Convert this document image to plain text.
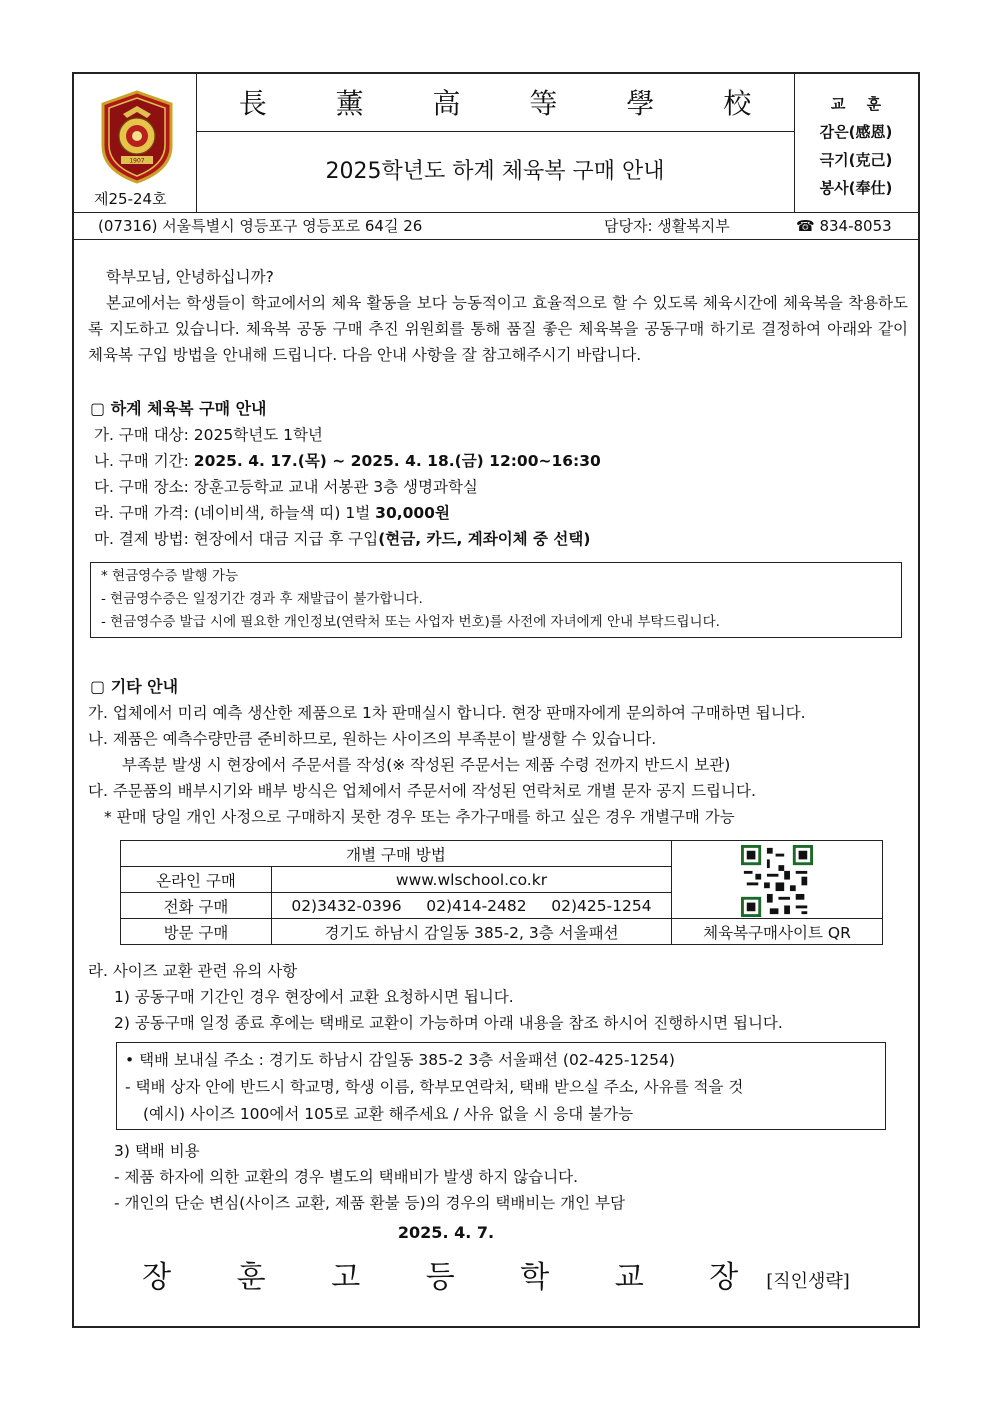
1907
제25-24호
長 薰 高 等 學 校
2025학년도 하계 체육복 구매 안내
교 훈
감은(感恩)
극기(克己)
봉사(奉仕)
(07316) 서울특별시 영등포구 영등포로 64길 26	담당자: 생활복지부	☎ 834-8053

학부모님, 안녕하십니까?

본교에서는 학생들이 학교에서의 체육 활동을 보다 능동적이고 효율적으로 할 수 있도록 체육시간에 체육복을 착용하도록 지도하고 있습니다. 체육복 공동 구매 추진 위원회를 통해 품질 좋은 체육복을 공동구매 하기로 결정하여 아래와 같이 체육복 구입 방법을 안내해 드립니다. 다음 안내 사항을 잘 참고해주시기 바랍니다.

▢ 하계 체육복 구매 안내

가. 구매 대상: 2025학년도 1학년

나. 구매 기간: 2025. 4. 17.(목) ~ 2025. 4. 18.(금) 12:00~16:30

다. 구매 장소: 장훈고등학교 교내 서봉관 3층 생명과학실

라. 구매 가격: (네이비색, 하늘색 띠) 1벌 30,000원

마. 결제 방법: 현장에서 대금 지급 후 구입(현금, 카드, 계좌이체 중 선택)

* 현금영수증 발행 가능

- 현금영수증은 일정기간 경과 후 재발급이 불가합니다.

- 현금영수증 발급 시에 필요한 개인정보(연락처 또는 사업자 번호)를 사전에 자녀에게 안내 부탁드립니다.

▢ 기타 안내

가. 업체에서 미리 예측 생산한 제품으로 1차 판매실시 합니다. 현장 판매자에게 문의하여 구매하면 됩니다.

나. 제품은 예측수량만큼 준비하므로, 원하는 사이즈의 부족분이 발생할 수 있습니다.

부족분 발생 시 현장에서 주문서를 작성(※ 작성된 주문서는 제품 수령 전까지 반드시 보관)

다. 주문품의 배부시기와 배부 방식은 업체에서 주문서에 작성된 연락처로 개별 문자 공지 드립니다.

* 판매 당일 개인 사정으로 구매하지 못한 경우 또는 추가구매를 하고 싶은 경우 개별구매 가능

개별 구매 방법	

온라인 구매	www.wlschool.co.kr	
전화 구매	02)3432-0396     02)414-2482     02)425-1254	
방문 구매	경기도 하남시 감일동 385-2, 3층 서울패션	체육복구매사이트 QR

라. 사이즈 교환 관련 유의 사항

1) 공동구매 기간인 경우 현장에서 교환 요청하시면 됩니다.

2) 공동구매 일정 종료 후에는 택배로 교환이 가능하며 아래 내용을 참조 하시어 진행하시면 됩니다.

• 택배 보내실 주소 : 경기도 하남시 감일동 385-2 3층 서울패션 (02-425-1254)

- 택배 상자 안에 반드시 학교명, 학생 이름, 학부모연락처, 택배 받으실 주소, 사유를 적을 것

(예시) 사이즈 100에서 105로 교환 해주세요 / 사유 없을 시 응대 불가능

3) 택배 비용

- 제품 하자에 의한 교환의 경우 별도의 택배비가 발생 하지 않습니다.

- 개인의 단순 변심(사이즈 교환, 제품 환불 등)의 경우의 택배비는 개인 부담

2025. 4. 7.
장 훈 고 등 학 교 장[직인생략]
